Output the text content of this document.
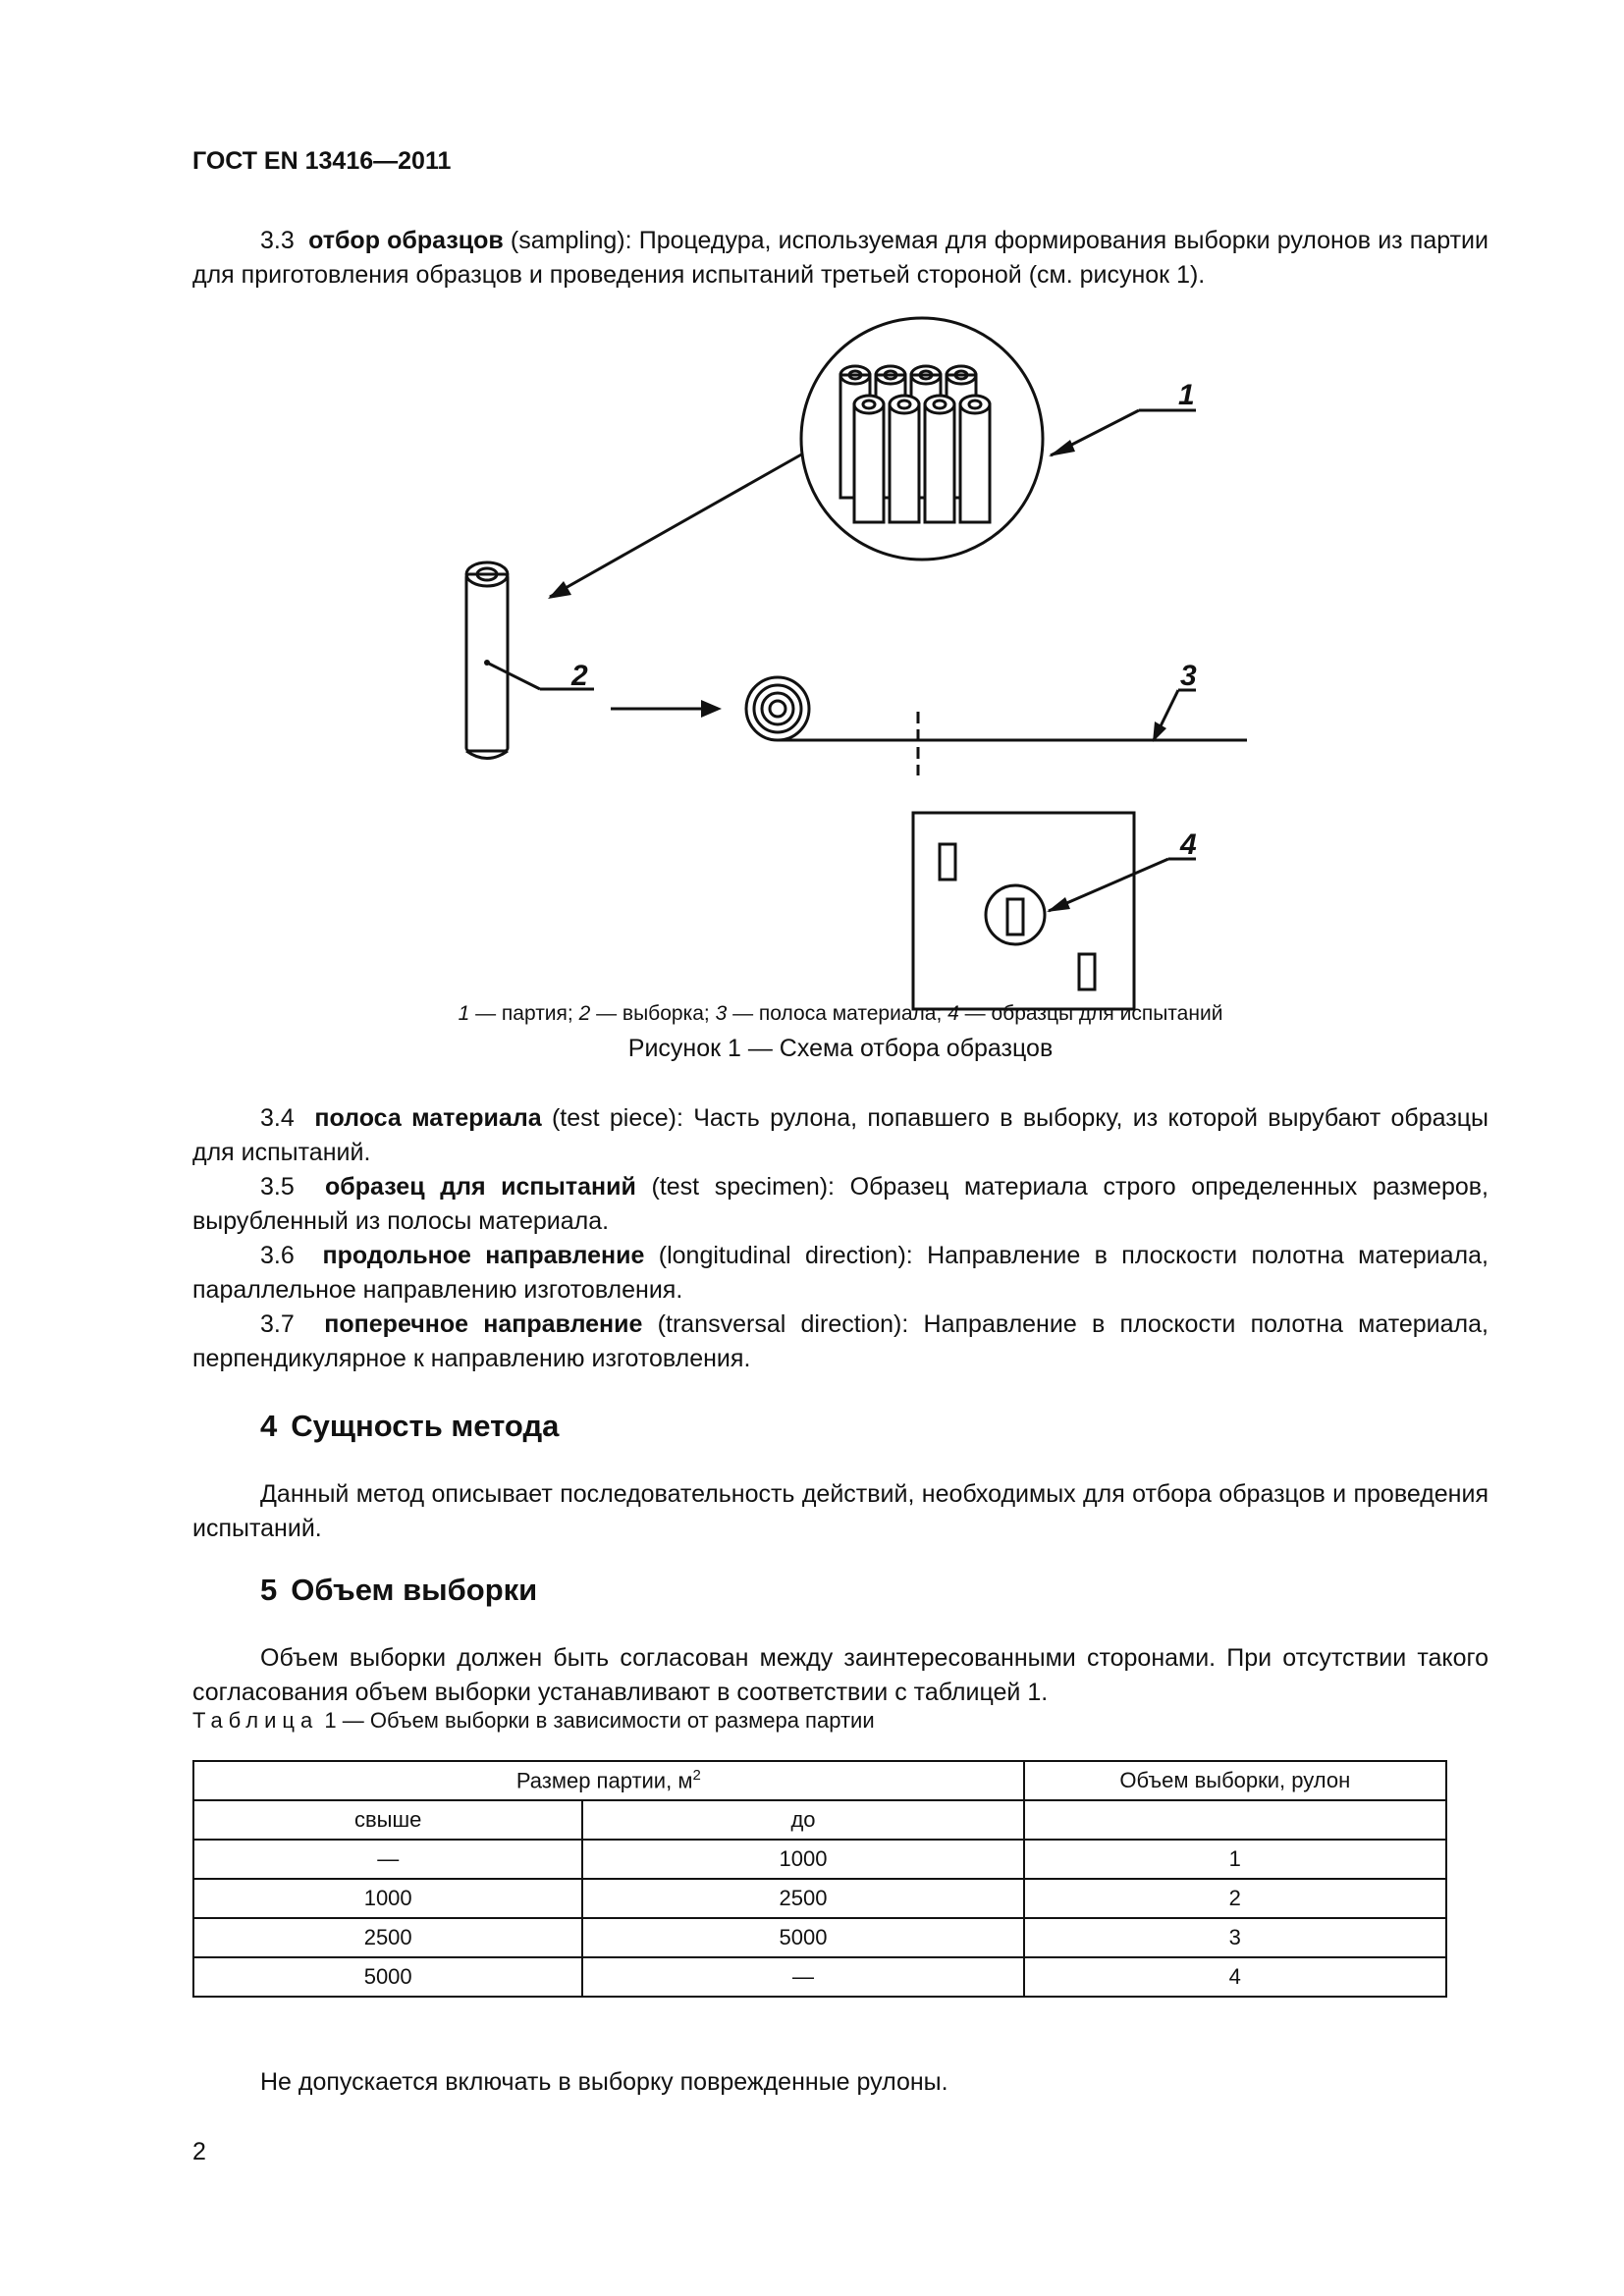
ГОСТ EN 13416—2011

3.3 отбор образцов (sampling): Процедура, используемая для формирования выборки рулонов из партии для приготовления образцов и проведения испытаний третьей стороной (см. рисунок 1).

1
2	3
4
1 — партия; 2 — выборка; 3 — полоса материала; 4 — образцы для испытаний
Рисунок 1 — Схема отбора образцов

3.4 полоса материала (test piece): Часть рулона, попавшего в выборку, из которой вырубают образцы для испытаний.

3.5 образец для испытаний (test specimen): Образец материала строго определенных размеров, вырубленный из полосы материала.

3.6 продольное направление (longitudinal direction): Направление в плоскости полотна материала, параллельное направлению изготовления.

3.7 поперечное направление (transversal direction): Направление в плоскости полотна материала, перпендикулярное к направлению изготовления.

4 Сущность метода

Данный метод описывает последовательность действий, необходимых для отбора образцов и проведения испытаний.

5 Объем выборки

Объем выборки должен быть согласован между заинтересованными сторонами. При отсутствии такого согласования объем выборки устанавливают в соответствии с таблицей 1.

Таблица 1 — Объем выборки в зависимости от размера партии
Размер партии, $м^2$		Объем выборки, рулон
свыше	до	
—	1000	1
1000	2500	2
2500	5000	3
5000	—	4

Не допускается включать в выборку поврежденные рулоны.

2
